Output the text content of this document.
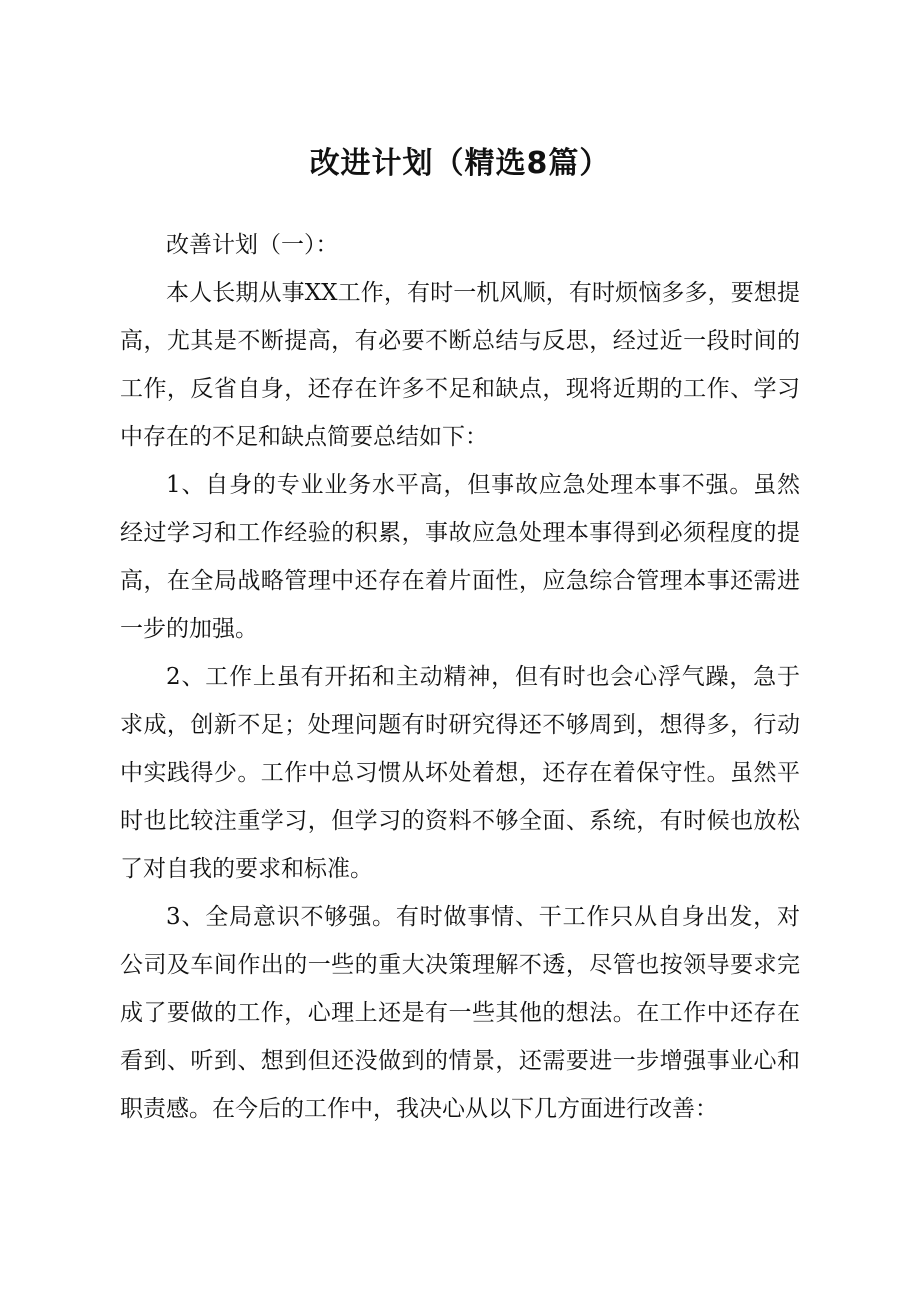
改进计划（精选8篇）

改善计划（一）：

本人长期从事XX工作，有时一机风顺，有时烦恼多多，要想提高，尤其是不断提高，有必要不断总结与反思，经过近一段时间的工作，反省自身，还存在许多不足和缺点，现将近期的工作、学习中存在的不足和缺点简要总结如下：

1、自身的专业业务水平高，但事故应急处理本事不强。虽然经过学习和工作经验的积累，事故应急处理本事得到必须程度的提高，在全局战略管理中还存在着片面性，应急综合管理本事还需进一步的加强。

2、工作上虽有开拓和主动精神，但有时也会心浮气躁，急于求成，创新不足；处理问题有时研究得还不够周到，想得多，行动中实践得少。工作中总习惯从坏处着想，还存在着保守性。虽然平时也比较注重学习，但学习的资料不够全面、系统，有时候也放松了对自我的要求和标准。

3、全局意识不够强。有时做事情、干工作只从自身出发，对公司及车间作出的一些的重大决策理解不透，尽管也按领导要求完成了要做的工作，心理上还是有一些其他的想法。在工作中还存在看到、听到、想到但还没做到的情景，还需要进一步增强事业心和职责感。在今后的工作中，我决心从以下几方面进行改善：
